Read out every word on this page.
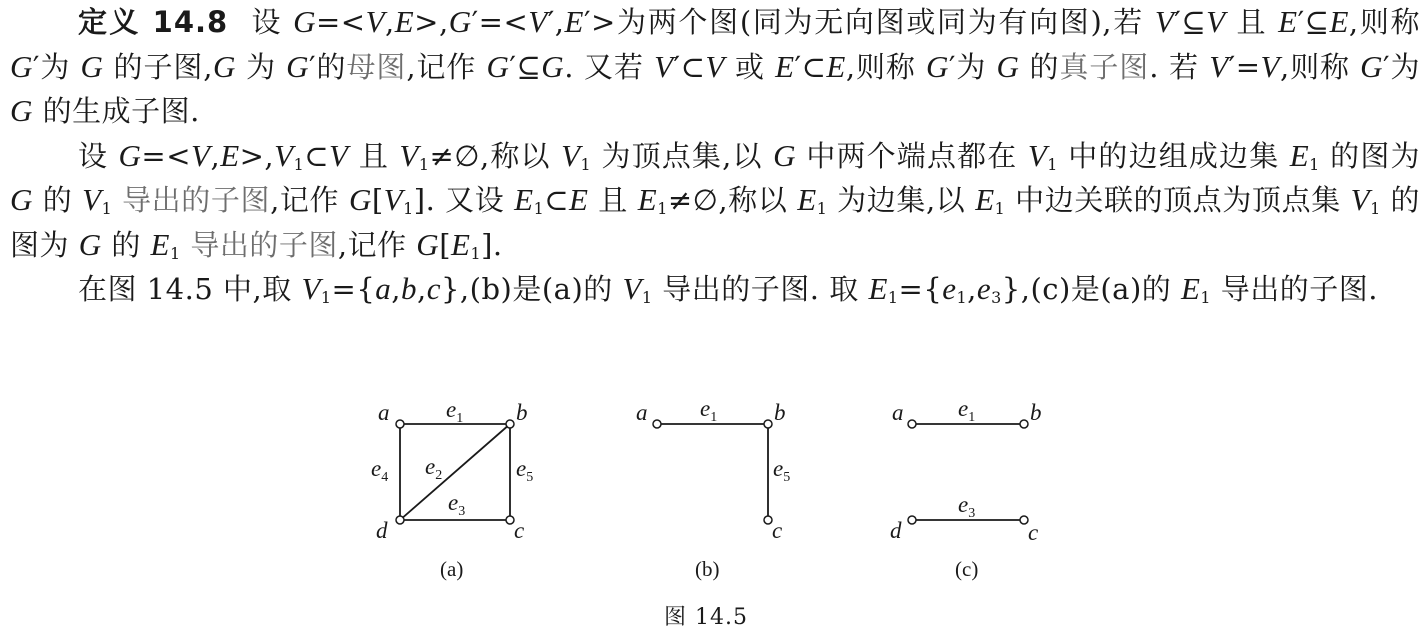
定义 14.8 设 G=<V,E>,G′=<V′,E′>为两个图(同为无向图或同为有向图),若 V′⊆V 且 E′⊆E,则称 G′为 G 的子图,G 为 G′的母图,记作 G′⊆G. 又若 V′⊂V 或 E′⊂E,则称 G′为 G 的真子图. 若 V′=V,则称 G′为 G 的生成子图.

设 $G=<V,E>,V_1\subset V$ 且 $V_1\ne\emptyset$,称以 $V_1$ 为顶点集,以 G 中两个端点都在 $V_1$ 中的边组成边集 $E_1$ 的图为 G 的 $V_1$ 导出的子图,记作 $G[V_1]$. 又设 $E_1\subset E$ 且 $E_1\ne\emptyset$,称以 $E_1$ 为边集,以 $E_1$ 中边关联的顶点为顶点集 $V_1$ 的图为 G 的 $E_1$ 导出的子图,记作 $G[E_1]$.

在图 14.5 中,取 $V_1=\{a,b,c\},(b)$是(a)的 $V_1$ 导出的子图. 取 $E_1=\{e_1,e_3\},(c)$是(a)的 $E_1$ 导出的子图.

a	b
c
d
$e_1$
$e_4$ $e_2$	$e_5$
$e_3$
a	b
c
$e_1$
$e_5$
a	b
d	c
$e_1$
$e_3$
(a)	(b)	(c)
图 14.5
